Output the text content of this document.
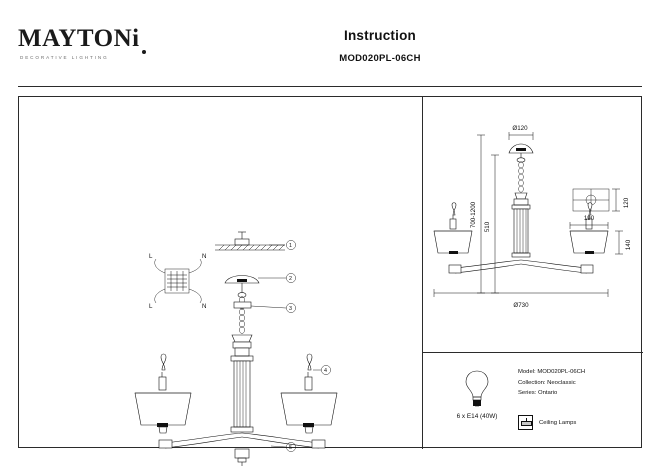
MAYTONi
DECORATIVE LIGHTING
Instruction
MOD020PL-06CH
L	N
L	N
1
2
3
4
5
Ø120
700-1200	120
510
190
140
Ø730
6 x E14 (40W)
Model: MOD020PL-06CH
Collection: Neoclassic
Series: Ontario
Ceiling Lamps
